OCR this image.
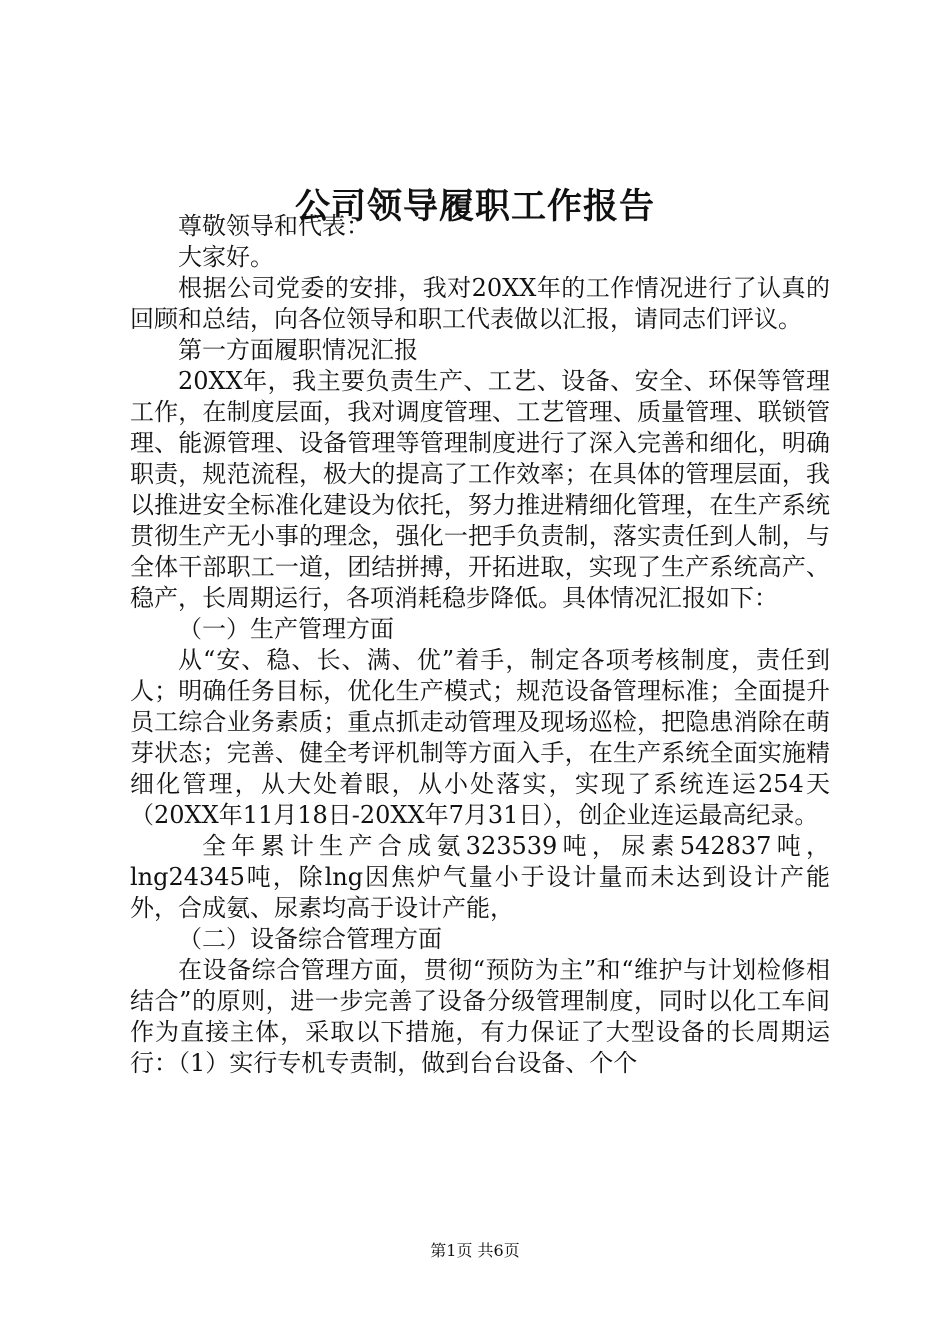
公司领导履职工作报告

尊敬领导和代表：

大家好。

根据公司党委的安排，我对20XX年的工作情况进行了认真的回顾和总结，向各位领导和职工代表做以汇报，请同志们评议。

第一方面履职情况汇报

20XX年，我主要负责生产、工艺、设备、安全、环保等管理工作，在制度层面，我对调度管理、工艺管理、质量管理、联锁管理、能源管理、设备管理等管理制度进行了深入完善和细化，明确职责，规范流程，极大的提高了工作效率；在具体的管理层面，我以推进安全标准化建设为依托，努力推进精细化管理，在生产系统贯彻生产无小事的理念，强化一把手负责制，落实责任到人制，与全体干部职工一道，团结拼搏，开拓进取，实现了生产系统高产、稳产，长周期运行，各项消耗稳步降低。具体情况汇报如下：

（一）生产管理方面

从“安、稳、长、满、优”着手，制定各项考核制度，责任到人；明确任务目标，优化生产模式；规范设备管理标准；全面提升员工综合业务素质；重点抓走动管理及现场巡检，把隐患消除在萌芽状态；完善、健全考评机制等方面入手，在生产系统全面实施精细化管理，从大处着眼，从小处落实，实现了系统连运254天（20XX年11月18日-20XX年7月31日），创企业连运最高纪录。

全年累计生产合成氨323539吨，尿素542837吨，lng24345吨，除lng因焦炉气量小于设计量而未达到设计产能外，合成氨、尿素均高于设计产能，

（二）设备综合管理方面

在设备综合管理方面，贯彻“预防为主”和“维护与计划检修相结合”的原则，进一步完善了设备分级管理制度，同时以化工车间作为直接主体，采取以下措施，有力保证了大型设备的长周期运行：（1）实行专机专责制，做到台台设备、个个

第1页 共6页
